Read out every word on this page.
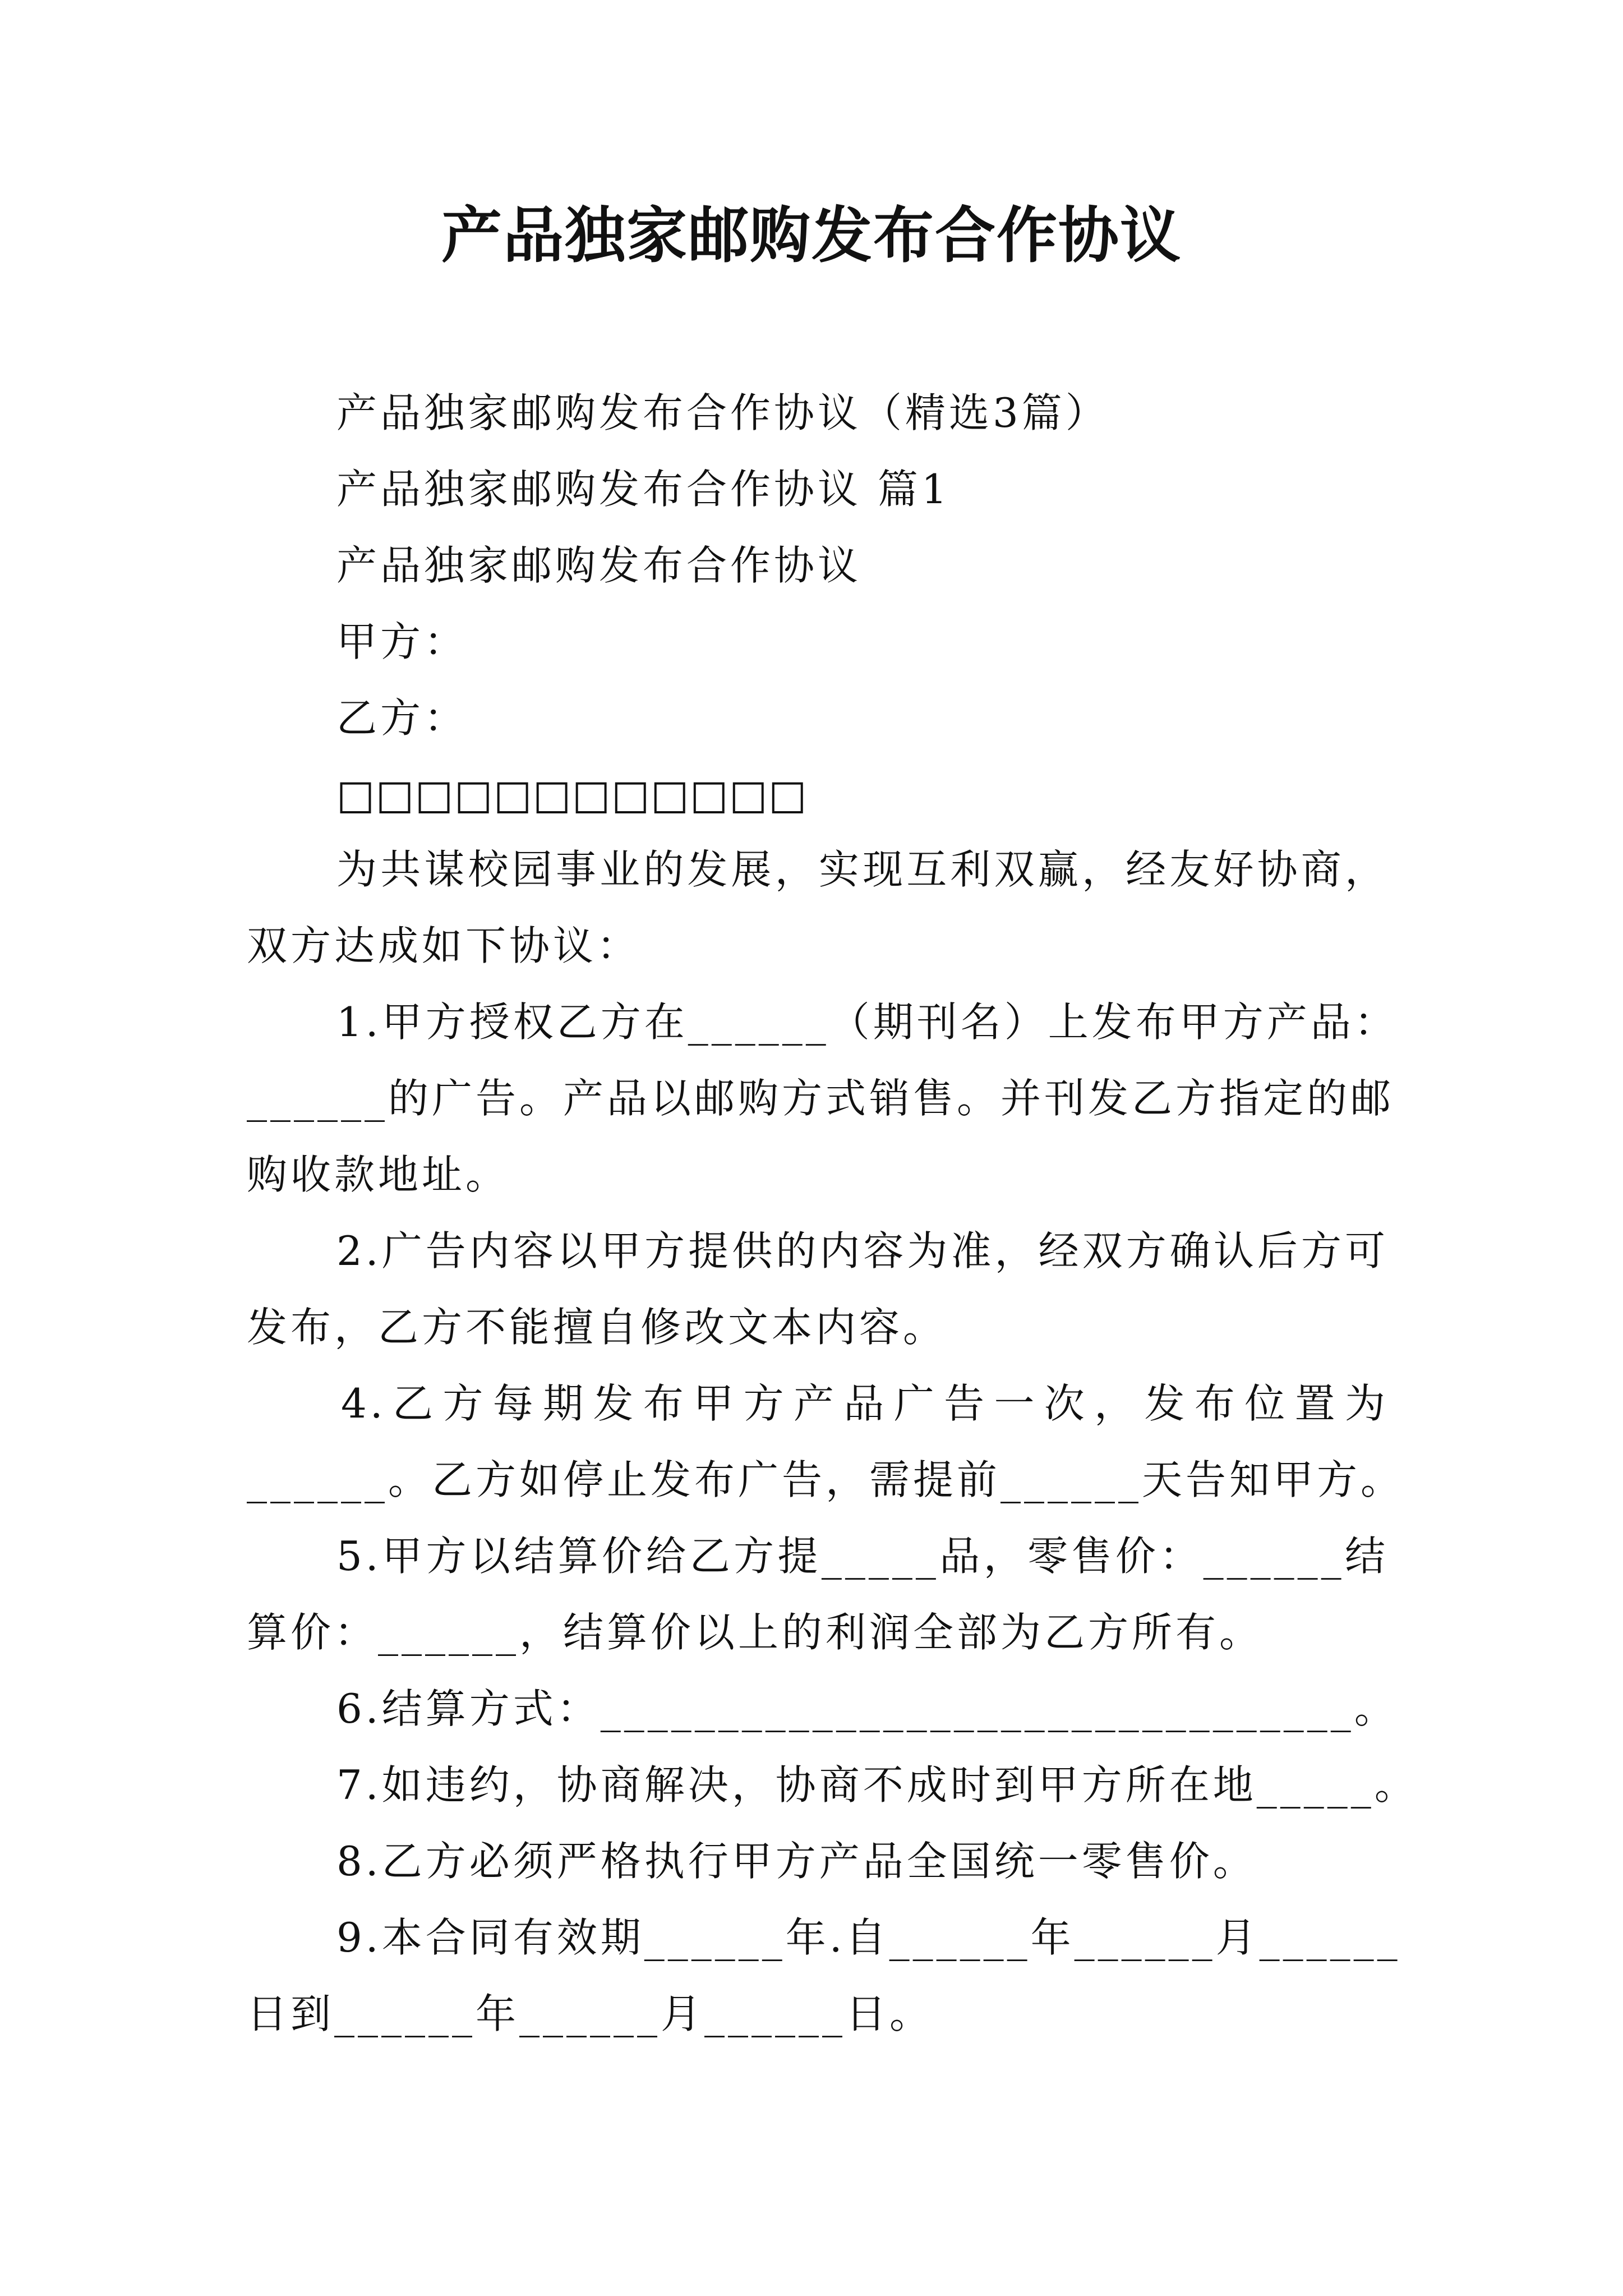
产品独家邮购发布合作协议
产品独家邮购发布合作协议（精选3篇）
产品独家邮购发布合作协议 篇1
产品独家邮购发布合作协议
甲方：
乙方：
□□□□□□□□□□□□
为共谋校园事业的发展，实现互利双赢，经友好协商，
双方达成如下协议：
1.甲方授权乙方在______（期刊名）上发布甲方产品：
______的广告。产品以邮购方式销售。并刊发乙方指定的邮
购收款地址。
2.广告内容以甲方提供的内容为准，经双方确认后方可
发布，乙方不能擅自修改文本内容。
4.乙方每期发布甲方产品广告一次，发布位置为
______。乙方如停止发布广告，需提前______天告知甲方。
5.甲方以结算价给乙方提_____品，零售价：______结
算价：______，结算价以上的利润全部为乙方所有。
6.结算方式：________________________________。
7.如违约，协商解决，协商不成时到甲方所在地_____。
8.乙方必须严格执行甲方产品全国统一零售价。
9.本合同有效期______年.自______年______月______
日到______年______月______日。
